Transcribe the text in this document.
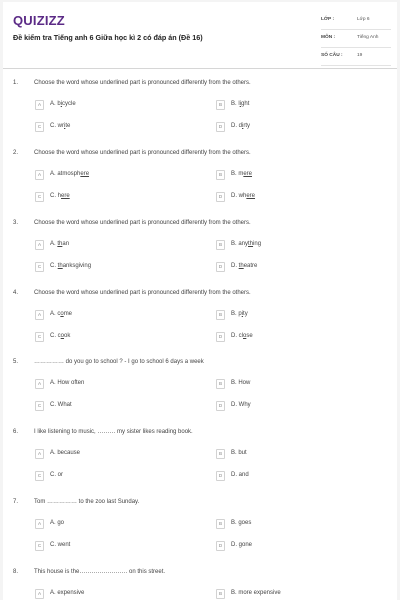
QUIZIZZ
Đề kiểm tra Tiếng anh 6 Giữa học kì 2 có đáp án (Đề 16)
LỚP :	Lớp 6
MÔN :	Tiếng Anh
SỐ CÂU :	19
1.	Choose the word whose underlined part is pronounced differently from the others.
A	A. bicycle	B	B. light
C	C. write	D	D. dirty
2.	Choose the word whose underlined part is pronounced differently from the others.
A	A. atmosphere	B	B. mere
C	C. here	D	D. where
3.	Choose the word whose underlined part is pronounced differently from the others.
A	A. than	B	B. anything
C	C. thanksgiving	D	D. theatre
4.	Choose the word whose underlined part is pronounced differently from the others.
A	A. come	B	B. pity
C	C. cook	D	D. close
5.	…………… do you go to school ? - I go to school 6 days a week
A	A. How often	B	B. How
C	C. What	D	D. Why
6.	I like listening to music, ……… my sister likes reading book.
A	A. because	B	B. but
C	C. or	D	D. and
7.	Tom …………… to the zoo last Sunday.
A	A. go	B	B. goes
C	C. went	D	D. gone
8.	This house is the…………………… on this street.
A	A. expensive	B	B. more expensive
